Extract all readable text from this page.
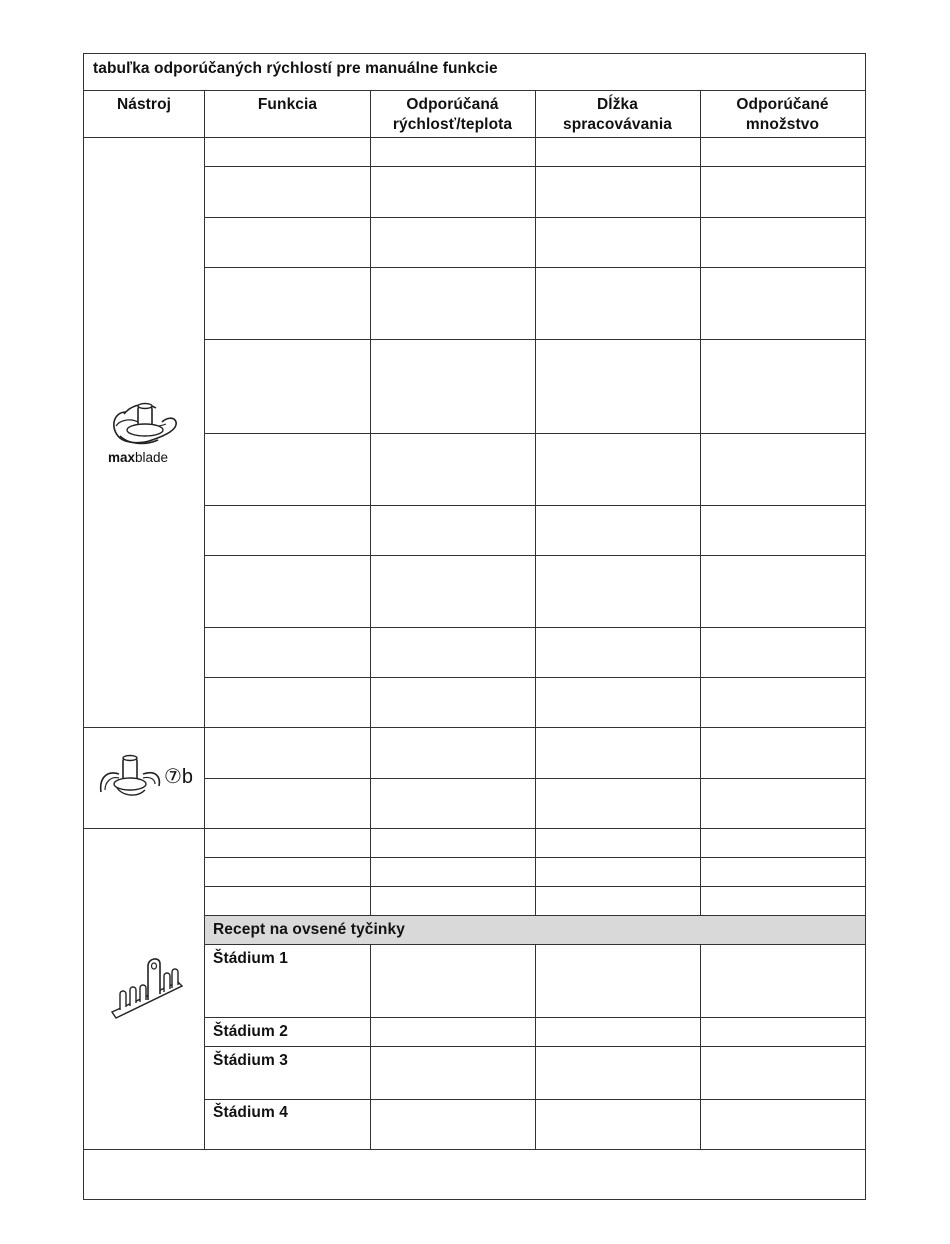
tabuľka odporúčaných rýchlostí pre manuálne funkcie
Nástroj	Funkcia	Odporúčaná
rýchlosť/teplota
Dĺžka
spracovávania
Odporúčané
množstvo
Recept na ovsené tyčinky
Štádium 1
Štádium 2
Štádium 3
Štádium 4
maxblade
⑦b
